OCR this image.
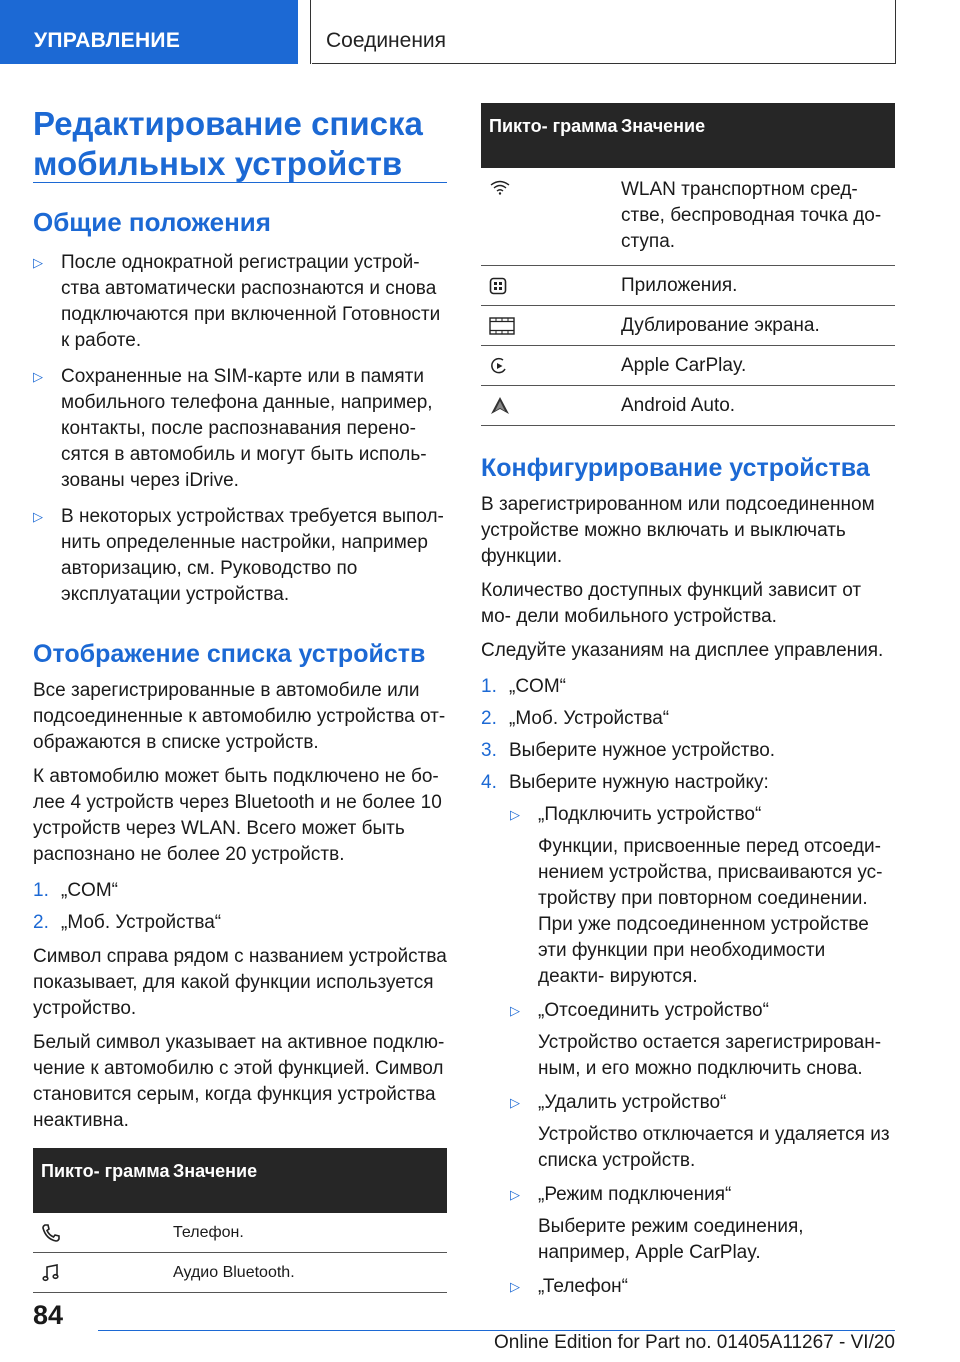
УПРАВЛЕНИЕ	Соединения
Редактирование списка мобильных устройств
Общие положения
▷ После однократной регистрации устрой- ства автоматически распознаются и снова подключаются при включенной Готовности к работе.
▷ Сохраненные на SIM-карте или в памяти мобильного телефона данные, например, контакты, после распознавания перено- сятся в автомобиль и могут быть исполь- зованы через iDrive.
▷ В некоторых устройствах требуется выпол- нить определенные настройки, например авторизацию, см. Руководство по эксплуатации устройства.
Отображение списка устройств

Все зарегистрированные в автомобиле или подсоединенные к автомобилю устройства от- ображаются в списке устройств.

К автомобилю может быть подключено не бо- лее 4 устройств через Bluetooth и не более 10 устройств через WLAN. Всего может быть распознано не более 20 устройств.

1. „COM“
2. „Моб. Устройства“

Символ справа рядом с названием устройства показывает, для какой функции используется устройство.

Белый символ указывает на активное подклю- чение к автомобилю с этой функцией. Символ становится серым, когда функция устройства неактивна.

Пикто- грамма Значение
Телефон.
Аудио Bluetooth.
Пикто- грамма Значение
WLAN транспортном сред- стве, беспроводная точка до- ступа.
Приложения.
Дублирование экрана.
Apple CarPlay.
Android Auto.
Конфигурирование устройства

В зарегистрированном или подсоединенном устройстве можно включать и выключать функции.

Количество доступных функций зависит от мо- дели мобильного устройства.

Следуйте указаниям на дисплее управления.

1. „COM“
2. „Моб. Устройства“
3. Выберите нужное устройство.
4. Выберите нужную настройку:
▷ „Подключить устройство“
Функции, присвоенные перед отсоеди- нением устройства, присваиваются ус- тройству при повторном соединении. При уже подсоединенном устройстве эти функции при необходимости деакти- вируются.
▷ „Отсоединить устройство“
Устройство остается зарегистрирован- ным, и его можно подключить снова.
▷ „Удалить устройство“
Устройство отключается и удаляется из списка устройств.
▷ „Режим подключения“
Выберите режим соединения, например, Apple CarPlay.
▷ „Телефон“
84
Online Edition for Part no. 01405A11267 - VI/20
